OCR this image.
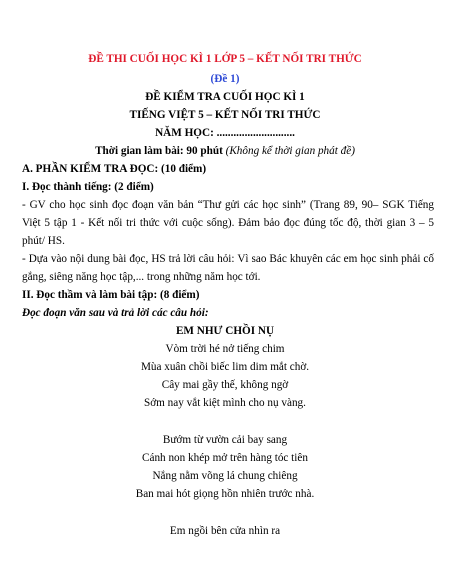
ĐỀ THI CUỐI HỌC KÌ 1 LỚP 5 – KẾT NỐI TRI THỨC
(Đề 1)
ĐỀ KIỂM TRA CUỐI HỌC KÌ 1
TIẾNG VIỆT 5 – KẾT NỐI TRI THỨC
NĂM HỌC: ............................
Thời gian làm bài: 90 phút (Không kể thời gian phát đề)
A. PHẦN KIỂM TRA ĐỌC: (10 điểm)
I. Đọc thành tiếng: (2 điểm)
- GV cho học sinh đọc đoạn văn bản “Thư gửi các học sinh” (Trang 89, 90– SGK Tiếng Việt 5 tập 1 - Kết nối tri thức với cuộc sống). Đảm bảo đọc đúng tốc độ, thời gian 3 – 5 phút/ HS.
- Dựa vào nội dung bài đọc, HS trả lời câu hỏi: Vì sao Bác khuyên các em học sinh phải cố gắng, siêng năng học tập,... trong những năm học tới.
II. Đọc thầm và làm bài tập: (8 điểm)
Đọc đoạn văn sau và trả lời các câu hỏi:
EM NHƯ CHỒI NỤ
Vòm trời hé nở tiếng chim
Mùa xuân chồi biếc lim dim mắt chờ.
Cây mai gầy thế, không ngờ
Sớm nay vắt kiệt mình cho nụ vàng.
Bướm từ vườn cải bay sang
Cánh non khép mở trên hàng tóc tiên
Nắng nằm võng lá chung chiêng
Ban mai hót giọng hồn nhiên trước nhà.
Em ngồi bên cửa nhìn ra
